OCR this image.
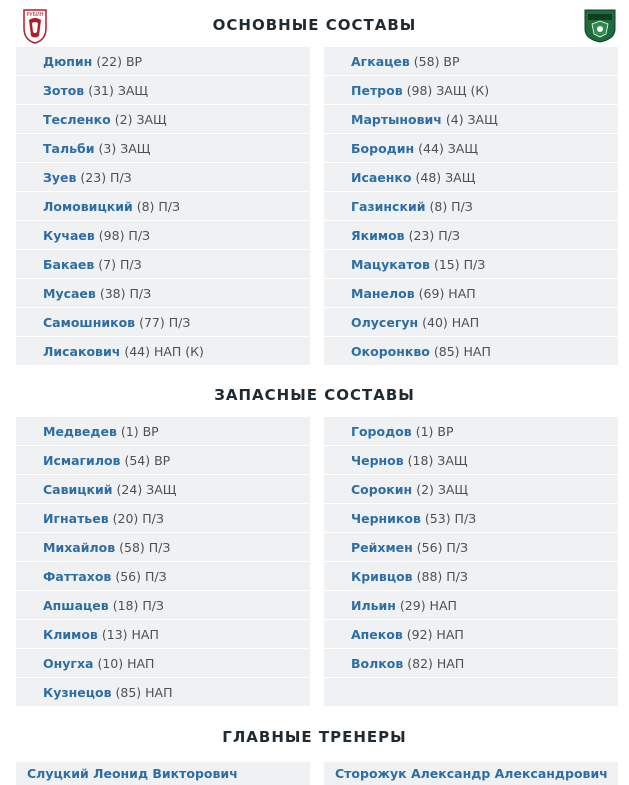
РУБИН
ОСНОВНЫЕ СОСТАВЫ
Дюпин (22) ВР
Зотов (31) ЗАЩ
Тесленко (2) ЗАЩ
Тальби (3) ЗАЩ
Зуев (23) П/З
Ломовицкий (8) П/З
Кучаев (98) П/З
Бакаев (7) П/З
Мусаев (38) П/З
Самошников (77) П/З
Лисакович (44) НАП (К)
Агкацев (58) ВР
Петров (98) ЗАЩ (К)
Мартынович (4) ЗАЩ
Бородин (44) ЗАЩ
Исаенко (48) ЗАЩ
Газинский (8) П/З
Якимов (23) П/З
Мацукатов (15) П/З
Манелов (69) НАП
Олусегун (40) НАП
Окоронкво (85) НАП
ЗАПАСНЫЕ СОСТАВЫ
Медведев (1) ВР
Исмагилов (54) ВР
Савицкий (24) ЗАЩ
Игнатьев (20) П/З
Михайлов (58) П/З
Фаттахов (56) П/З
Апшацев (18) П/З
Климов (13) НАП
Онугха (10) НАП
Кузнецов (85) НАП
Городов (1) ВР
Чернов (18) ЗАЩ
Сорокин (2) ЗАЩ
Черников (53) П/З
Рейхмен (56) П/З
Кривцов (88) П/З
Ильин (29) НАП
Апеков (92) НАП
Волков (82) НАП
ГЛАВНЫЕ ТРЕНЕРЫ
Слуцкий Леонид Викторович	Сторожук Александр Александрович
